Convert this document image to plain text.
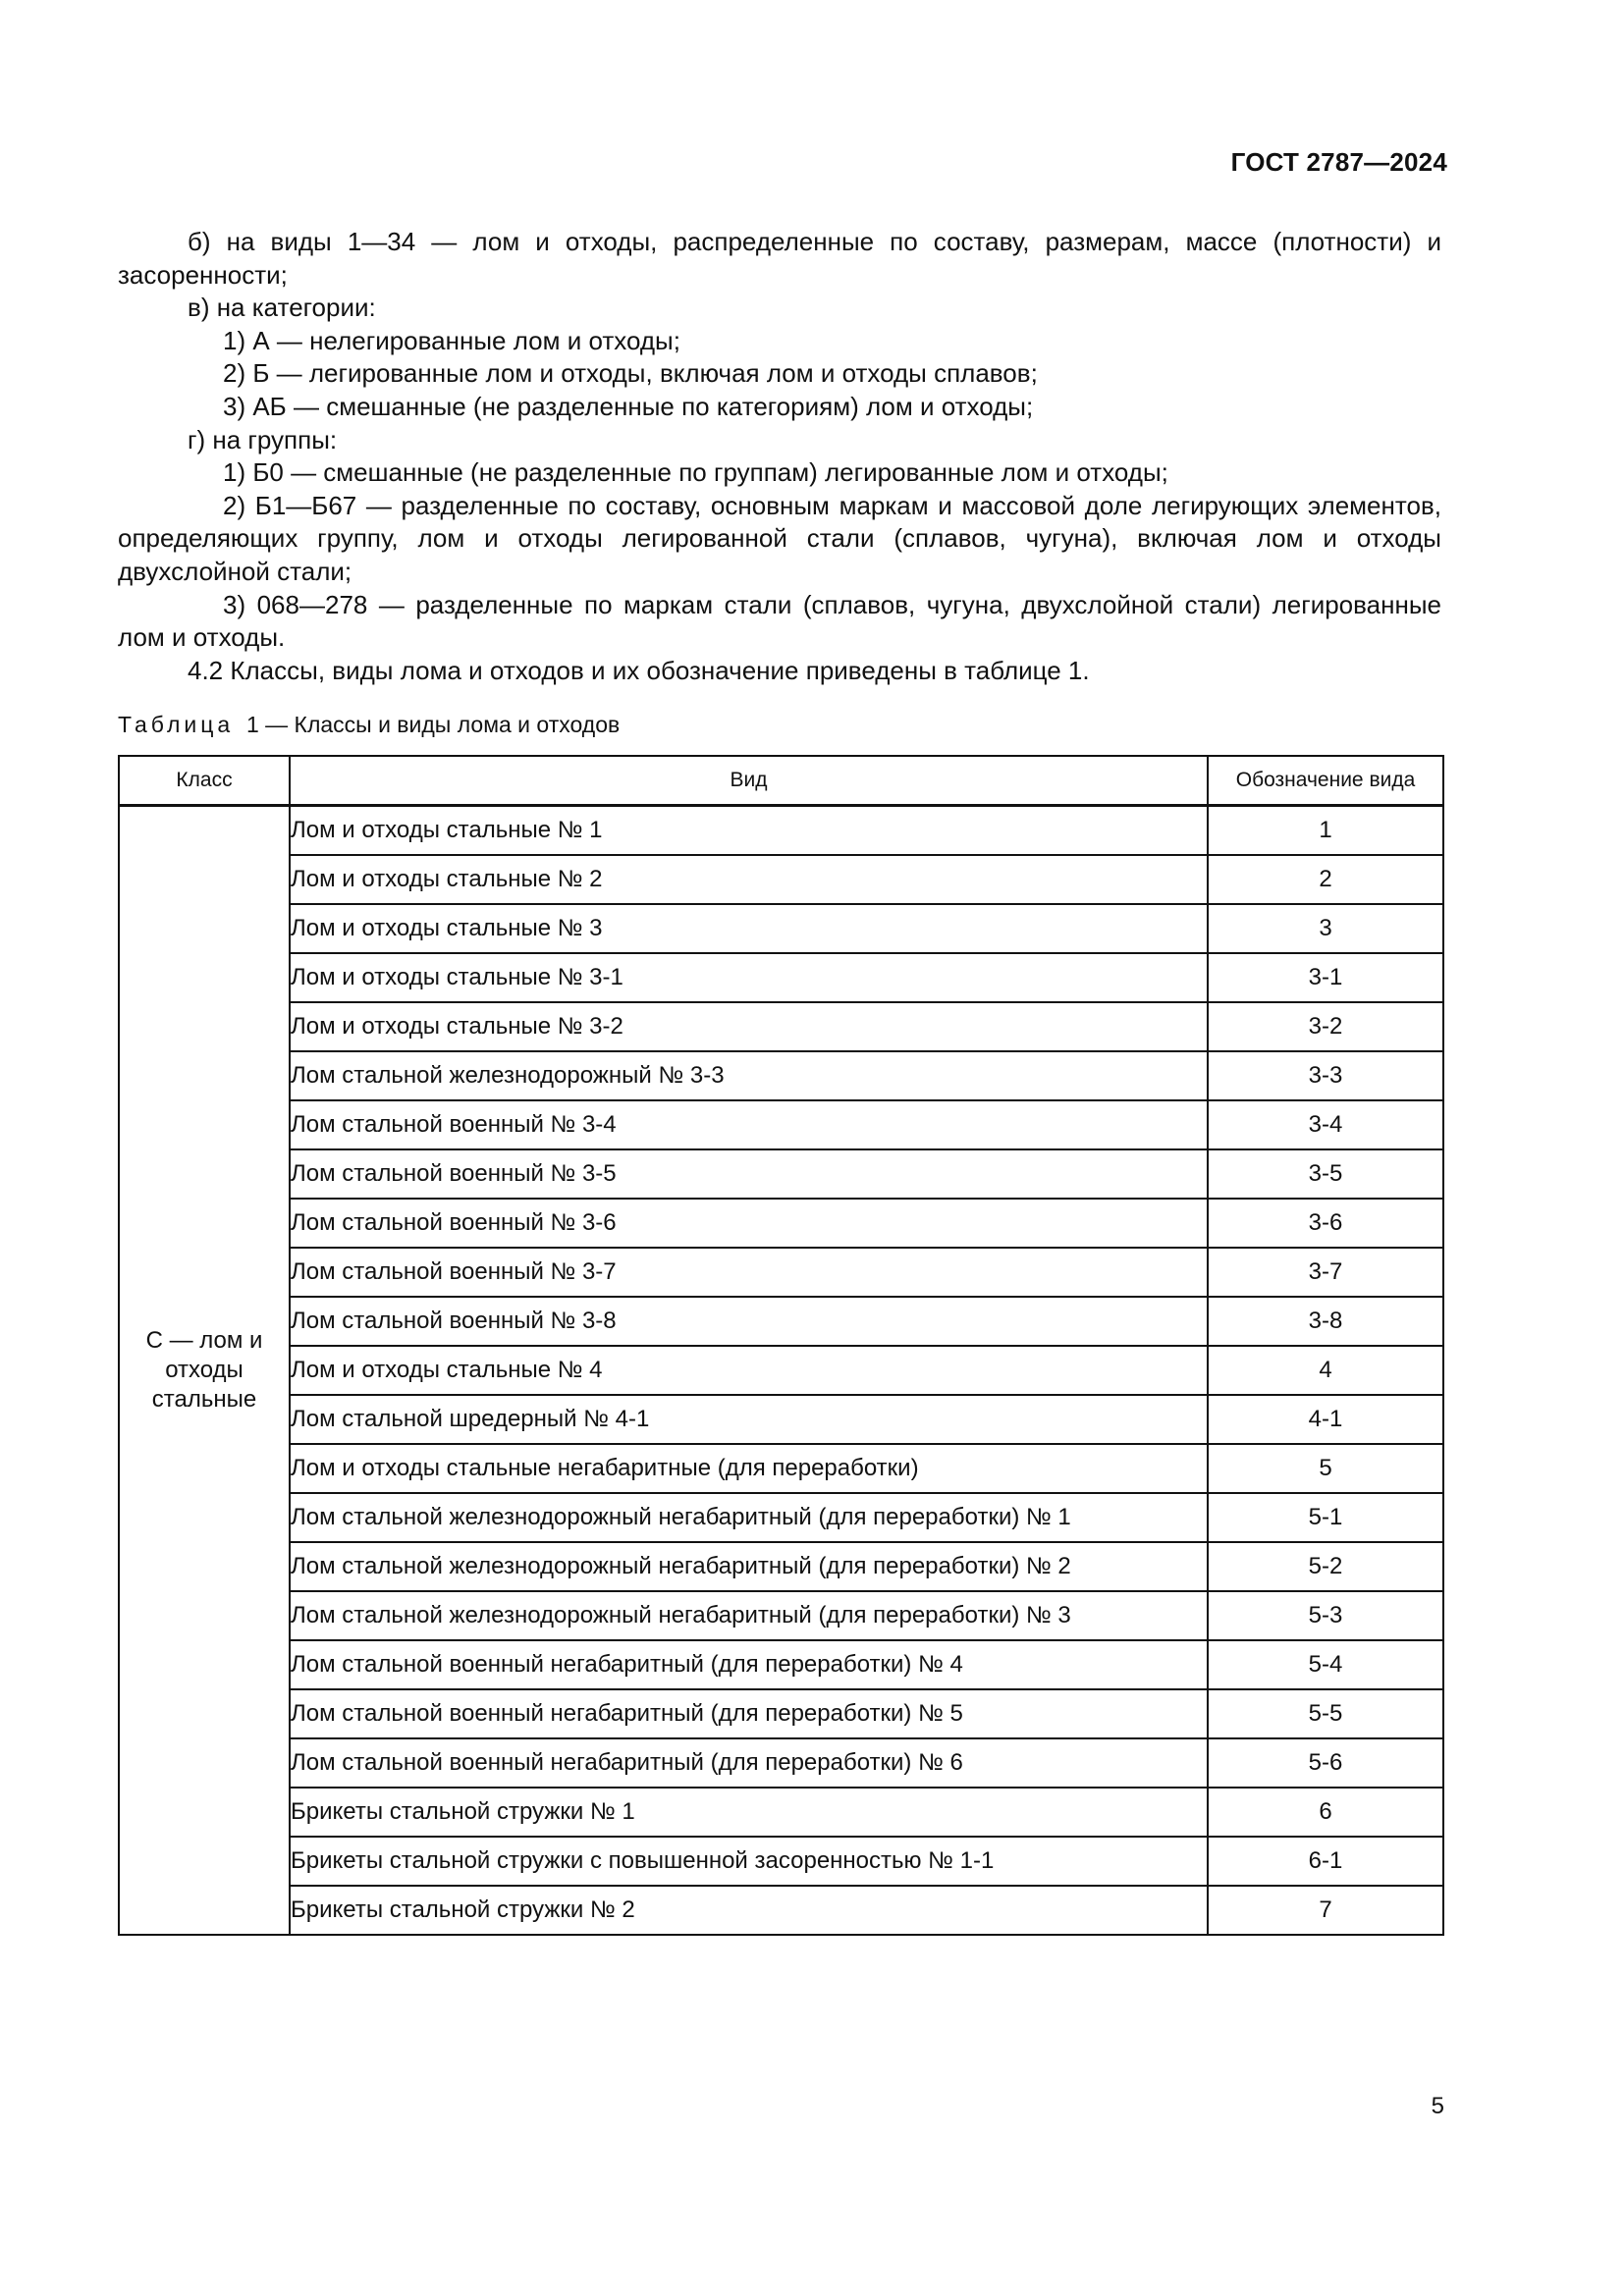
ГОСТ 2787—2024

б) на виды 1—34 — лом и отходы, распределенные по составу, размерам, массе (плотности) и засоренности;

в) на категории:

1) А — нелегированные лом и отходы;

2) Б — легированные лом и отходы, включая лом и отходы сплавов;

3) АБ — смешанные (не разделенные по категориям) лом и отходы;

г) на группы:

1) Б0 — смешанные (не разделенные по группам) легированные лом и отходы;

2) Б1—Б67 — разделенные по составу, основным маркам и массовой доле легирующих элементов, определяющих группу, лом и отходы легированной стали (сплавов, чугуна), включая лом и отходы двухслойной стали;

3) 068—278 — разделенные по маркам стали (сплавов, чугуна, двухслойной стали) легированные лом и отходы.

4.2 Классы, виды лома и отходов и их обозначение приведены в таблице 1.

Таблица 1 — Классы и виды лома и отходов
Класс	Вид	Обозначение вида
С — лом и отходы стальные	Лом и отходы стальные № 1	1
	Лом и отходы стальные № 2	2
	Лом и отходы стальные № 3	3
	Лом и отходы стальные № 3-1	3-1
	Лом и отходы стальные № 3-2	3-2
	Лом стальной железнодорожный № 3-3	3-3
	Лом стальной военный № 3-4	3-4
	Лом стальной военный № 3-5	3-5
	Лом стальной военный № 3-6	3-6
	Лом стальной военный № 3-7	3-7
	Лом стальной военный № 3-8	3-8
	Лом и отходы стальные № 4	4
	Лом стальной шредерный № 4-1	4-1
	Лом и отходы стальные негабаритные (для переработки)	5
	Лом стальной железнодорожный негабаритный (для переработки) № 1	5-1
	Лом стальной железнодорожный негабаритный (для переработки) № 2	5-2
	Лом стальной железнодорожный негабаритный (для переработки) № 3	5-3
	Лом стальной военный негабаритный (для переработки) № 4	5-4
	Лом стальной военный негабаритный (для переработки) № 5	5-5
	Лом стальной военный негабаритный (для переработки) № 6	5-6
	Брикеты стальной стружки № 1	6
	Брикеты стальной стружки с повышенной засоренностью № 1-1	6-1
	Брикеты стальной стружки № 2	7
5
